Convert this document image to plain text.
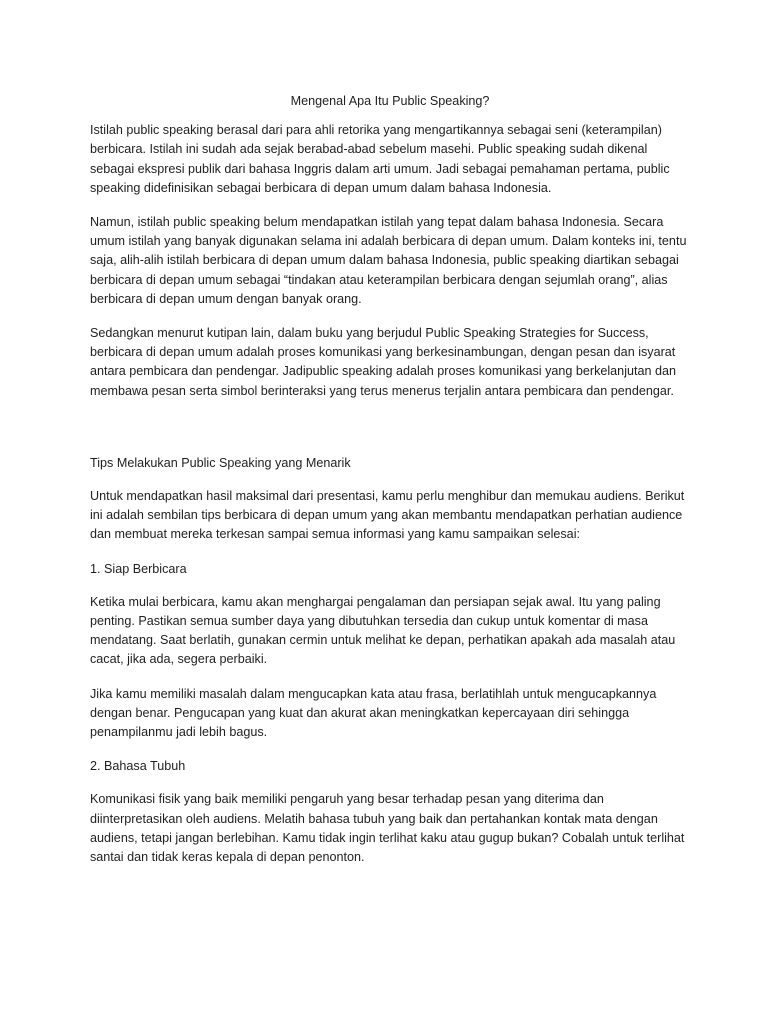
Mengenal Apa Itu Public Speaking?

Istilah public speaking berasal dari para ahli retorika yang mengartikannya sebagai seni (keterampilan) berbicara. Istilah ini sudah ada sejak berabad-abad sebelum masehi. Public speaking sudah dikenal sebagai ekspresi publik dari bahasa Inggris dalam arti umum. Jadi sebagai pemahaman pertama, public speaking didefinisikan sebagai berbicara di depan umum dalam bahasa Indonesia.

Namun, istilah public speaking belum mendapatkan istilah yang tepat dalam bahasa Indonesia. Secara umum istilah yang banyak digunakan selama ini adalah berbicara di depan umum. Dalam konteks ini, tentu saja, alih-alih istilah berbicara di depan umum dalam bahasa Indonesia, public speaking diartikan sebagai berbicara di depan umum sebagai “tindakan atau keterampilan berbicara dengan sejumlah orang”, alias berbicara di depan umum dengan banyak orang.

Sedangkan menurut kutipan lain, dalam buku yang berjudul Public Speaking Strategies for Success, berbicara di depan umum adalah proses komunikasi yang berkesinambungan, dengan pesan dan isyarat antara pembicara dan pendengar. Jadipublic speaking adalah proses komunikasi yang berkelanjutan dan membawa pesan serta simbol berinteraksi yang terus menerus terjalin antara pembicara dan pendengar.

Tips Melakukan Public Speaking yang Menarik

Untuk mendapatkan hasil maksimal dari presentasi, kamu perlu menghibur dan memukau audiens. Berikut ini adalah sembilan tips berbicara di depan umum yang akan membantu mendapatkan perhatian audience dan membuat mereka terkesan sampai semua informasi yang kamu sampaikan selesai:

1. Siap Berbicara

Ketika mulai berbicara, kamu akan menghargai pengalaman dan persiapan sejak awal. Itu yang paling penting. Pastikan semua sumber daya yang dibutuhkan tersedia dan cukup untuk komentar di masa mendatang. Saat berlatih, gunakan cermin untuk melihat ke depan, perhatikan apakah ada masalah atau cacat, jika ada, segera perbaiki.

Jika kamu memiliki masalah dalam mengucapkan kata atau frasa, berlatihlah untuk mengucapkannya dengan benar. Pengucapan yang kuat dan akurat akan meningkatkan kepercayaan diri sehingga penampilanmu jadi lebih bagus.

2. Bahasa Tubuh

Komunikasi fisik yang baik memiliki pengaruh yang besar terhadap pesan yang diterima dan diinterpretasikan oleh audiens. Melatih bahasa tubuh yang baik dan pertahankan kontak mata dengan audiens, tetapi jangan berlebihan. Kamu tidak ingin terlihat kaku atau gugup bukan? Cobalah untuk terlihat santai dan tidak keras kepala di depan penonton.
